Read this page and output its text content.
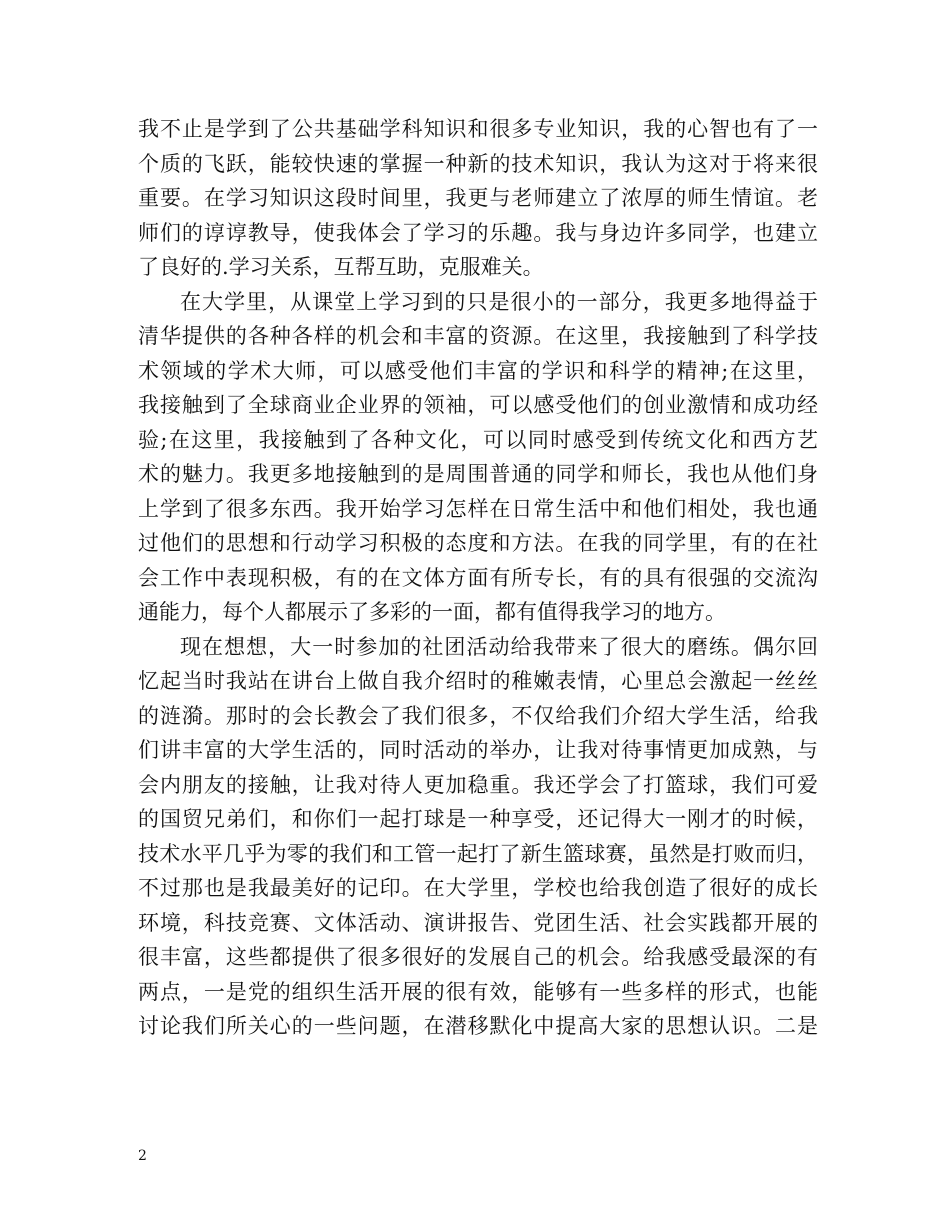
我不止是学到了公共基础学科知识和很多专业知识，我的心智也有了一
个质的飞跃，能较快速的掌握一种新的技术知识，我认为这对于将来很
重要。在学习知识这段时间里，我更与老师建立了浓厚的师生情谊。老
师们的谆谆教导，使我体会了学习的乐趣。我与身边许多同学，也建立
了良好的.学习关系，互帮互助，克服难关。
在大学里，从课堂上学习到的只是很小的一部分，我更多地得益于
清华提供的各种各样的机会和丰富的资源。在这里，我接触到了科学技
术领域的学术大师，可以感受他们丰富的学识和科学的精神;在这里，
我接触到了全球商业企业界的领袖，可以感受他们的创业激情和成功经
验;在这里，我接触到了各种文化，可以同时感受到传统文化和西方艺
术的魅力。我更多地接触到的是周围普通的同学和师长，我也从他们身
上学到了很多东西。我开始学习怎样在日常生活中和他们相处，我也通
过他们的思想和行动学习积极的态度和方法。在我的同学里，有的在社
会工作中表现积极，有的在文体方面有所专长，有的具有很强的交流沟
通能力，每个人都展示了多彩的一面，都有值得我学习的地方。
现在想想，大一时参加的社团活动给我带来了很大的磨练。偶尔回
忆起当时我站在讲台上做自我介绍时的稚嫩表情，心里总会激起一丝丝
的涟漪。那时的会长教会了我们很多，不仅给我们介绍大学生活，给我
们讲丰富的大学生活的，同时活动的举办，让我对待事情更加成熟，与
会内朋友的接触，让我对待人更加稳重。我还学会了打篮球，我们可爱
的国贸兄弟们，和你们一起打球是一种享受，还记得大一刚才的时候，
技术水平几乎为零的我们和工管一起打了新生篮球赛，虽然是打败而归，
不过那也是我最美好的记印。在大学里，学校也给我创造了很好的成长
环境，科技竞赛、文体活动、演讲报告、党团生活、社会实践都开展的
很丰富，这些都提供了很多很好的发展自己的机会。给我感受最深的有
两点，一是党的组织生活开展的很有效，能够有一些多样的形式，也能
讨论我们所关心的一些问题，在潜移默化中提高大家的思想认识。二是
2
